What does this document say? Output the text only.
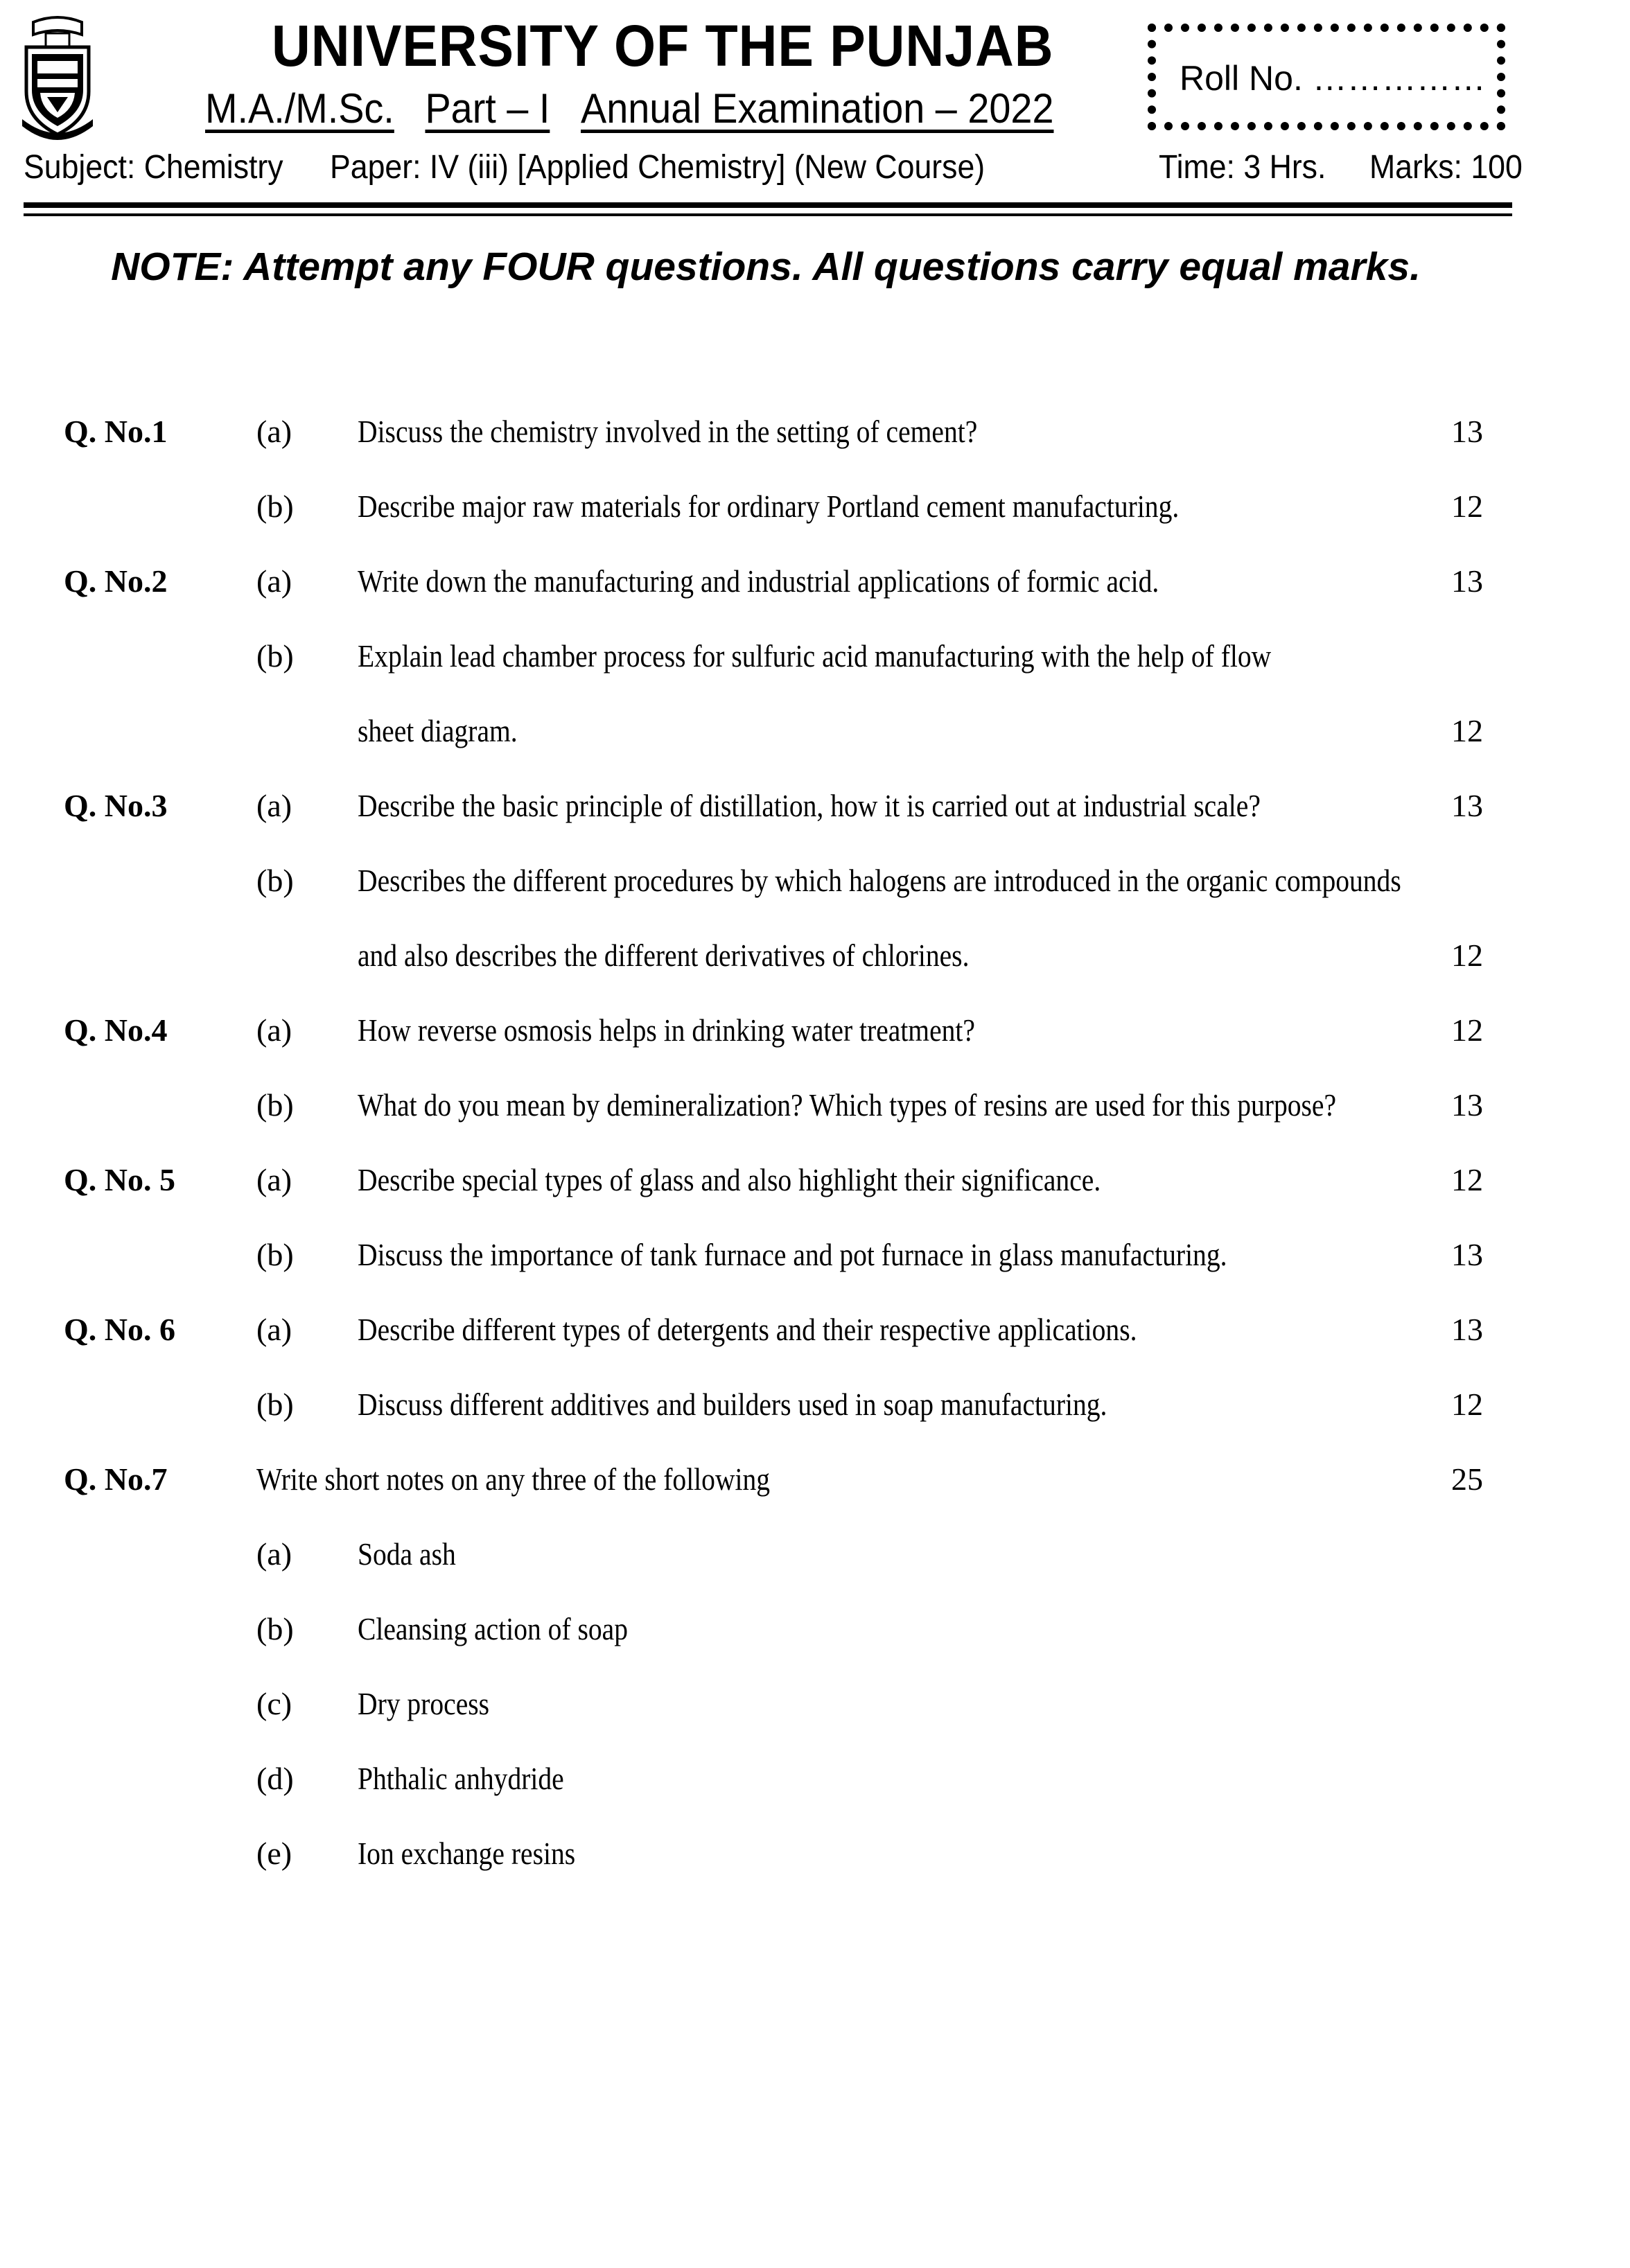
UNIVERSITY OF THE PUNJAB
M.A./M.Sc. Part – I Annual Examination – 2022
Roll No. ……………
Subject: Chemistry Paper: IV (iii) [Applied Chemistry] (New Course)	Time: 3 Hrs. Marks: 100
NOTE: Attempt any FOUR questions. All questions carry equal marks.
Q. No.1	(a) Discuss the chemistry involved in the setting of cement?	13
(b) Describe major raw materials for ordinary Portland cement manufacturing.	12
Q. No.2	(a) Write down the manufacturing and industrial applications of formic acid.	13
(b) Explain lead chamber process for sulfuric acid manufacturing with the help of flow
sheet diagram.	12
Q. No.3	(a) Describe the basic principle of distillation, how it is carried out at industrial scale?	13
(b) Describes the different procedures by which halogens are introduced in the organic compounds
and also describes the different derivatives of chlorines.	12
Q. No.4	(a) How reverse osmosis helps in drinking water treatment?	12
(b) What do you mean by demineralization? Which types of resins are used for this purpose?	13
Q. No. 5	(a) Describe special types of glass and also highlight their significance.	12
(b) Discuss the importance of tank furnace and pot furnace in glass manufacturing.	13
Q. No. 6	(a) Describe different types of detergents and their respective applications.	13
(b) Discuss different additives and builders used in soap manufacturing.	12
Q. No.7	Write short notes on any three of the following	25
(a) Soda ash
(b) Cleansing action of soap
(c) Dry process
(d) Phthalic anhydride
(e) Ion exchange resins
